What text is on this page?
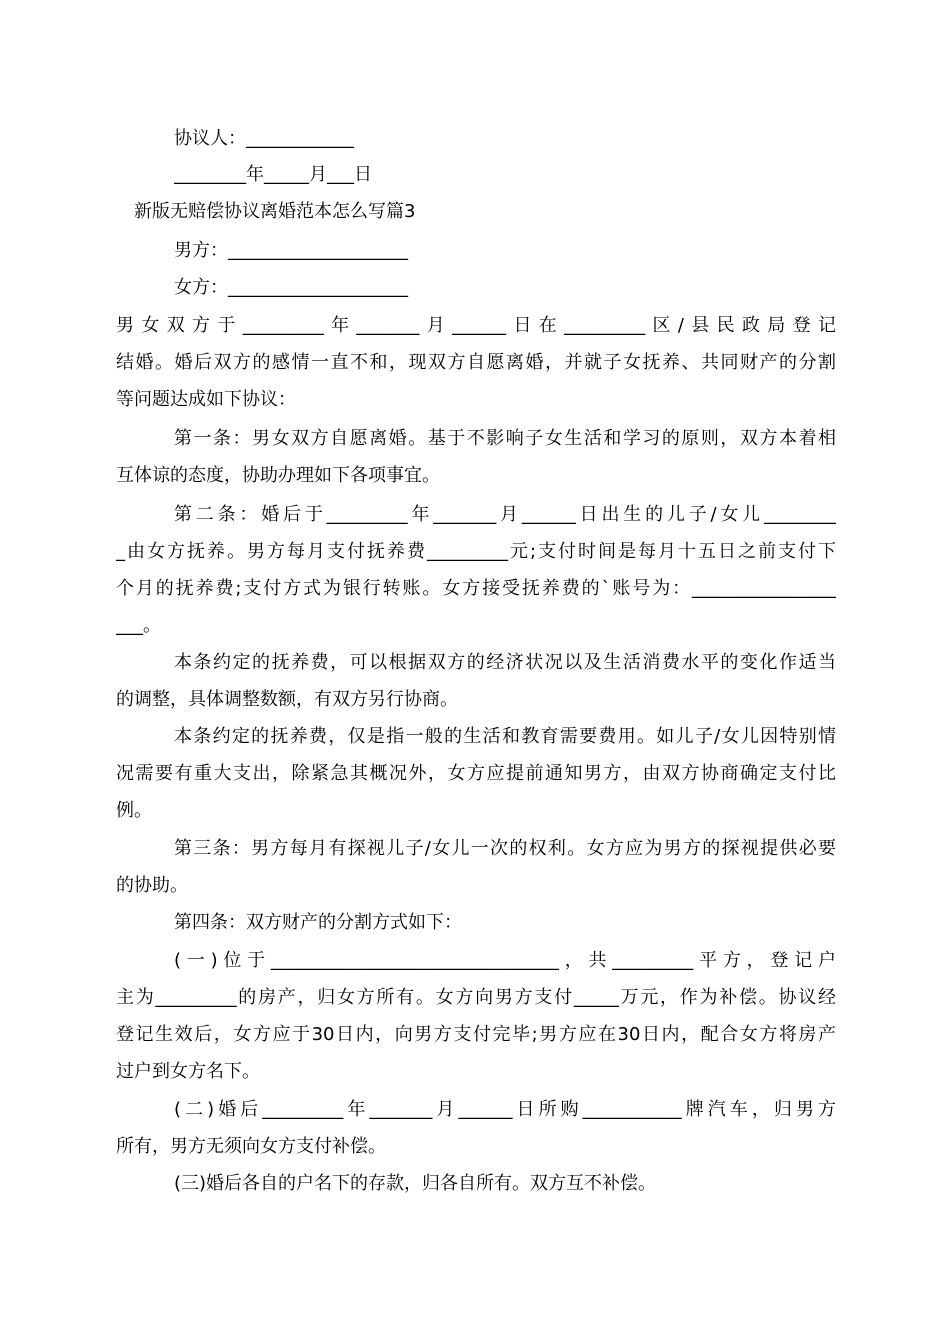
协议人：____________
________年_____月___日
新版无赔偿协议离婚范本怎么写篇3
男方：____________________
女方：____________________
男女双方于_________年_______月______日在_________区/县民政局登记
结婚。婚后双方的感情一直不和，现双方自愿离婚，并就子女抚养、共同财产的分割
等问题达成如下协议：
第一条：男女双方自愿离婚。基于不影响子女生活和学习的原则，双方本着相
互体谅的态度，协助办理如下各项事宜。
第二条：婚后于_________年_______月______日出生的儿子/女儿________
_由女方抚养。男方每月支付抚养费_________元;支付时间是每月十五日之前支付下
个月的抚养费;支付方式为银行转账。女方接受抚养费的`账号为：________________
___。
本条约定的抚养费，可以根据双方的经济状况以及生活消费水平的变化作适当
的调整，具体调整数额，有双方另行协商。
本条约定的抚养费，仅是指一般的生活和教育需要费用。如儿子/女儿因特别情
况需要有重大支出，除紧急其概况外，女方应提前通知男方，由双方协商确定支付比
例。
第三条：男方每月有探视儿子/女儿一次的权利。女方应为男方的探视提供必要
的协助。
第四条：双方财产的分割方式如下：
(一)位于________________________________，共_________平方，登记户
主为_________的房产，归女方所有。女方向男方支付_____万元，作为补偿。协议经
登记生效后，女方应于30日内，向男方支付完毕;男方应在30日内，配合女方将房产
过户到女方名下。
(二)婚后_________年_______月______日所购___________牌汽车，归男方
所有，男方无须向女方支付补偿。
(三)婚后各自的户名下的存款，归各自所有。双方互不补偿。
